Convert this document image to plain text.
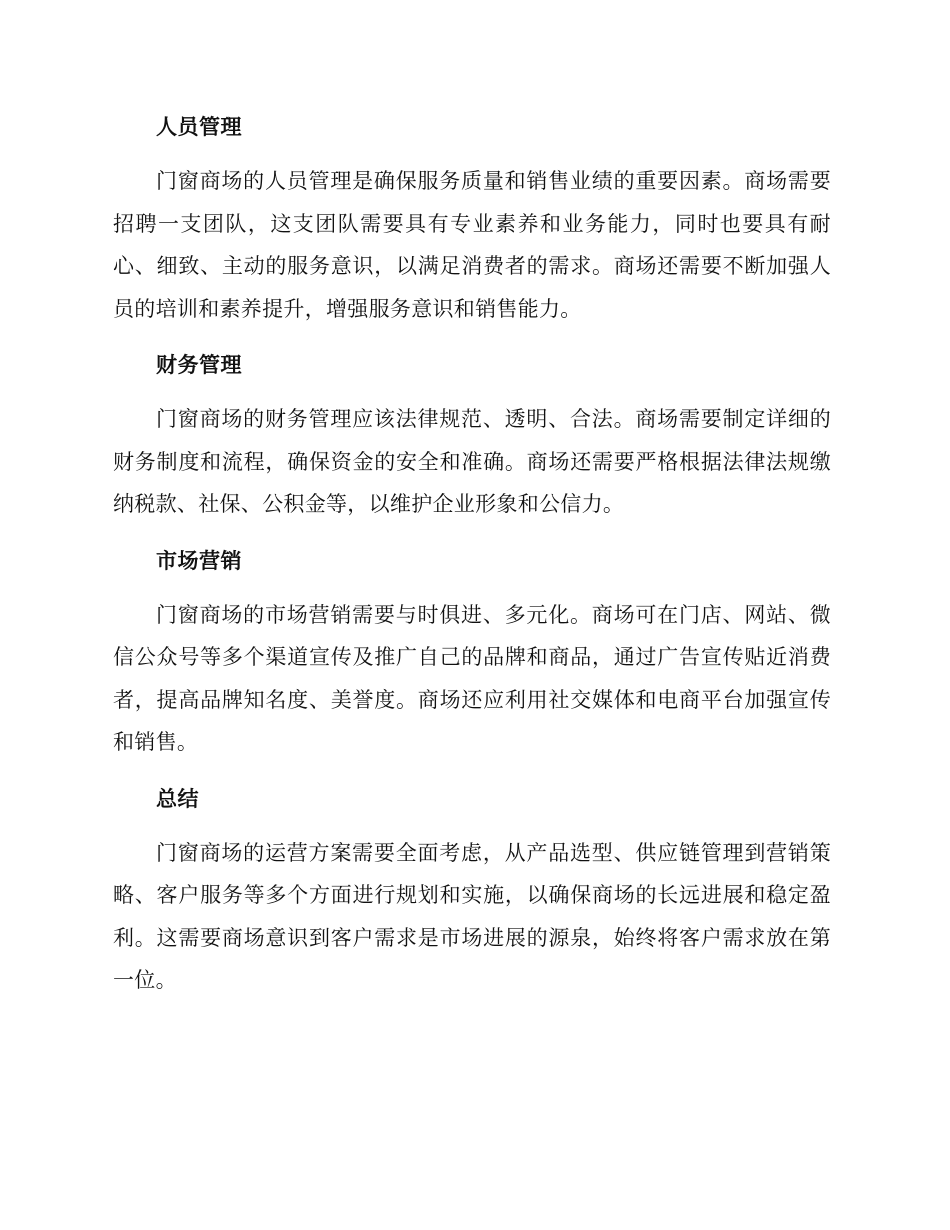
人员管理

门窗商场的人员管理是确保服务质量和销售业绩的重要因素。商场需要招聘一支团队，这支团队需要具有专业素养和业务能力，同时也要具有耐心、细致、主动的服务意识，以满足消费者的需求。商场还需要不断加强人员的培训和素养提升，增强服务意识和销售能力。

财务管理

门窗商场的财务管理应该法律规范、透明、合法。商场需要制定详细的财务制度和流程，确保资金的安全和准确。商场还需要严格根据法律法规缴纳税款、社保、公积金等，以维护企业形象和公信力。

市场营销

门窗商场的市场营销需要与时俱进、多元化。商场可在门店、网站、微信公众号等多个渠道宣传及推广自己的品牌和商品，通过广告宣传贴近消费者，提高品牌知名度、美誉度。商场还应利用社交媒体和电商平台加强宣传和销售。

总结

门窗商场的运营方案需要全面考虑，从产品选型、供应链管理到营销策略、客户服务等多个方面进行规划和实施，以确保商场的长远进展和稳定盈利。这需要商场意识到客户需求是市场进展的源泉，始终将客户需求放在第一位。
